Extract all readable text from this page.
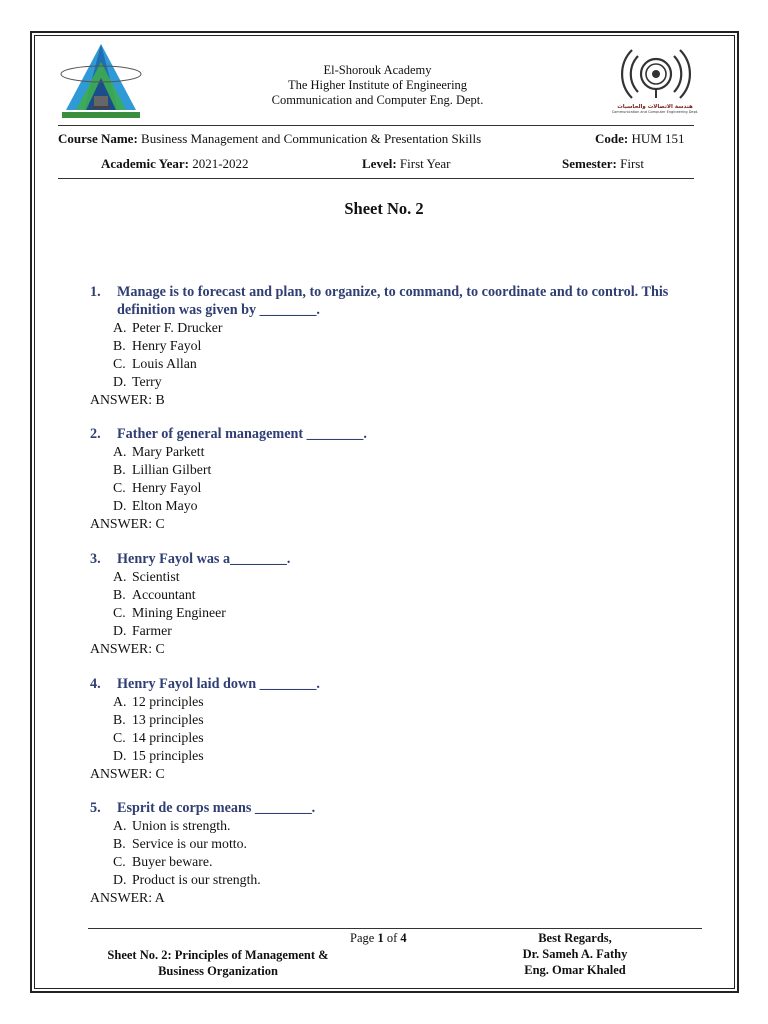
El-Shorouk Academy
The Higher Institute of Engineering
Communication and Computer Eng. Dept.	هندسة الاتصالات والحاسبات
Communication and Computer Engineering Dept.
Course Name: Business Management and Communication & Presentation Skills	Code: HUM 151
Academic Year: 2021-2022	Level: First Year	Semester: First
Sheet No. 2
1.	Manage is to forecast and plan, to organize, to command, to coordinate and to control. This definition was given by ________.
A. Peter F. Drucker
B. Henry Fayol
C. Louis Allan
D. Terry
ANSWER: B
2.	Father of general management ________.
A. Mary Parkett
B. Lillian Gilbert
C. Henry Fayol
D. Elton Mayo
ANSWER: C
3.	Henry Fayol was a________.
A. Scientist
B. Accountant
C. Mining Engineer
D. Farmer
ANSWER: C
4.	Henry Fayol laid down ________.
A. 12 principles
B. 13 principles
C. 14 principles
D. 15 principles
ANSWER: C
5.	Esprit de corps means ________.
A. Union is strength.
B. Service is our motto.
C. Buyer beware.
D. Product is our strength.
ANSWER: A
Page 1 of 4
Sheet No. 2: Principles of Management &
Business Organization
Best Regards,
Dr. Sameh A. Fathy
Eng. Omar Khaled
